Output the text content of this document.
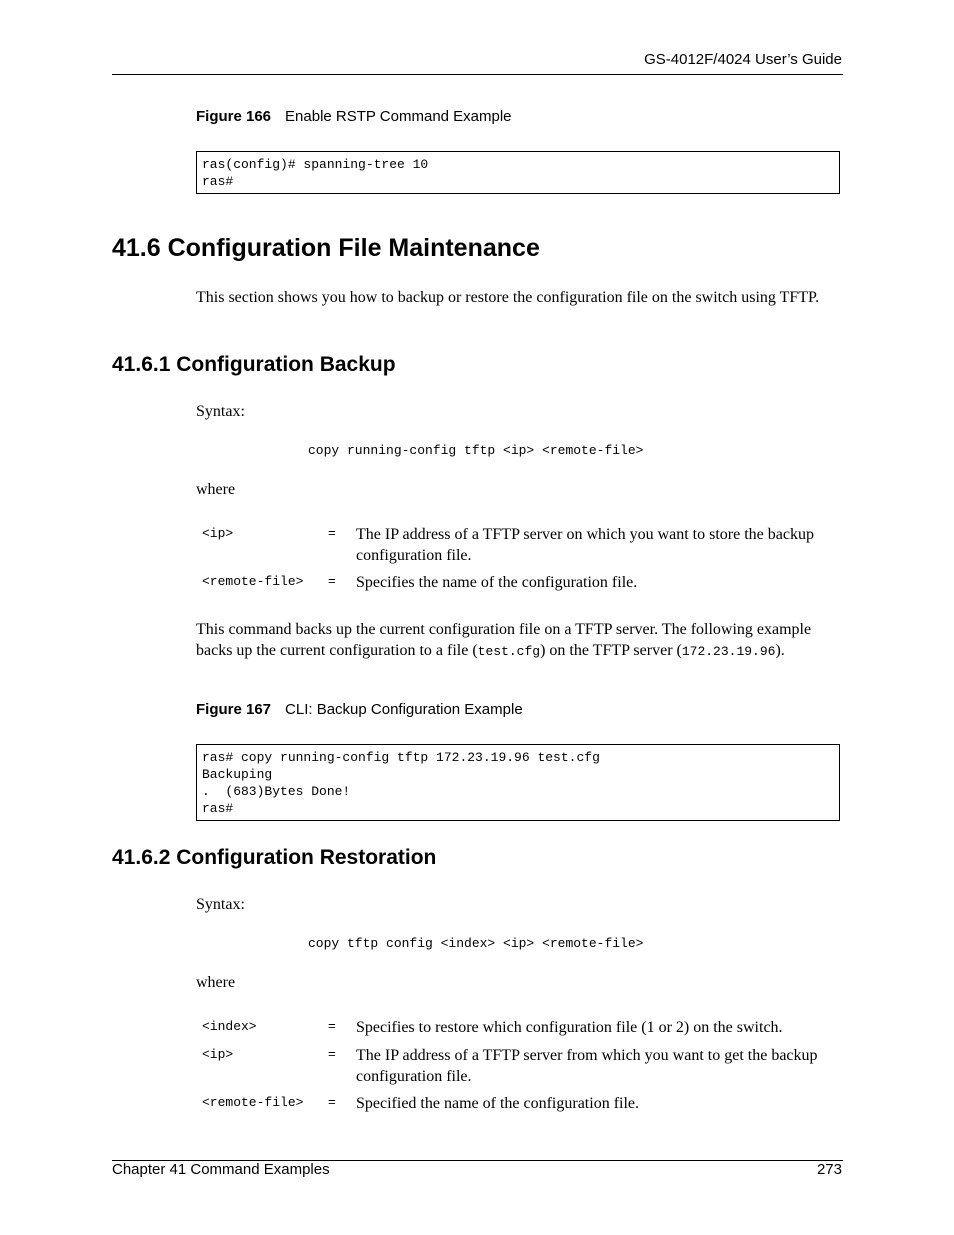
GS-4012F/4024 User’s Guide
Figure 166 Enable RSTP Command Example
ras(config)# spanning-tree 10
ras#
41.6 Configuration File Maintenance
This section shows you how to backup or restore the configuration file on the switch using TFTP.
41.6.1 Configuration Backup
Syntax:
copy running-config tftp <ip> <remote-file>
where
<ip>	= The IP address of a TFTP server on which you want to store the backup configuration file.
<remote-file> = Specifies the name of the configuration file.
This command backs up the current configuration file on a TFTP server. The following example backs up the current configuration to a file (test.cfg) on the TFTP server (172.23.19.96).
Figure 167 CLI: Backup Configuration Example
ras# copy running-config tftp 172.23.19.96 test.cfg
Backuping
.  (683)Bytes Done!
ras#
41.6.2 Configuration Restoration
Syntax:
copy tftp config <index> <ip> <remote-file>
where
<index>	= Specifies to restore which configuration file (1 or 2) on the switch.
<ip>	= The IP address of a TFTP server from which you want to get the backup configuration file.
<remote-file> = Specified the name of the configuration file.
Chapter 41 Command Examples	273
